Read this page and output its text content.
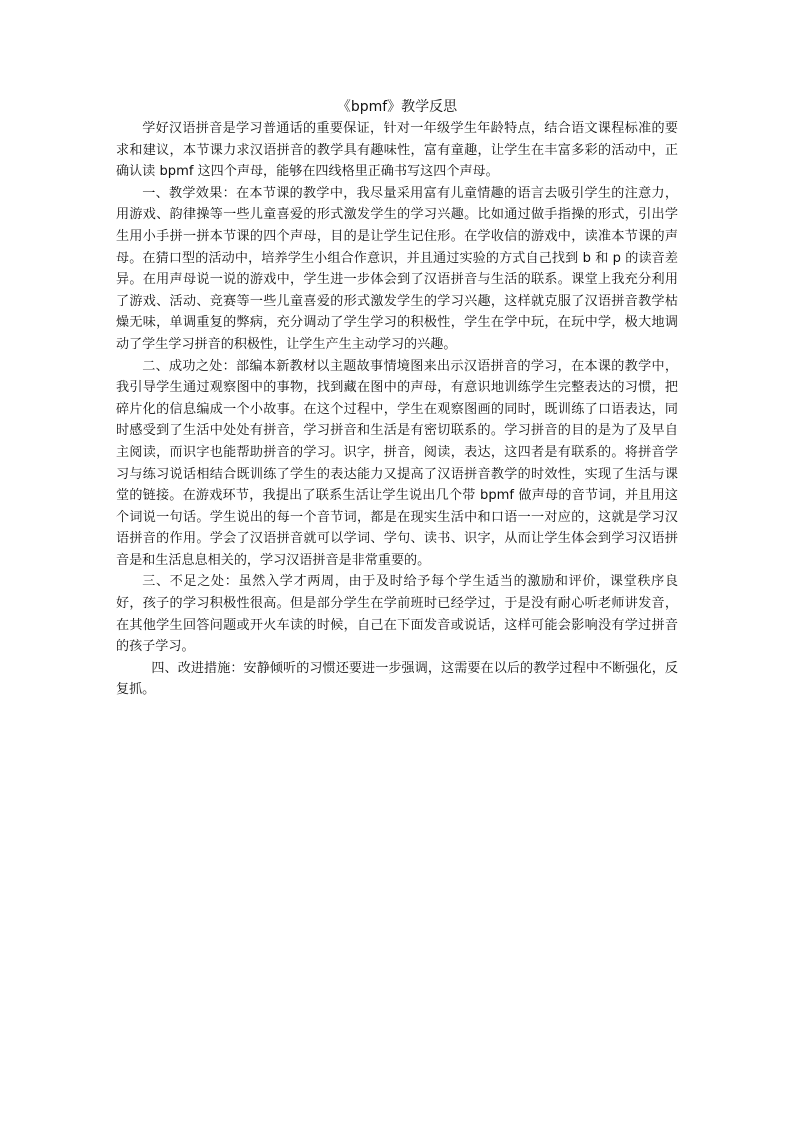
《bpmf》教学反思

学好汉语拼音是学习普通话的重要保证，针对一年级学生年龄特点，结合语文课程标准的要求和建议，本节课力求汉语拼音的教学具有趣味性，富有童趣，让学生在丰富多彩的活动中，正确认读 bpmf 这四个声母，能够在四线格里正确书写这四个声母。

一、教学效果：在本节课的教学中，我尽量采用富有儿童情趣的语言去吸引学生的注意力，用游戏、韵律操等一些儿童喜爱的形式激发学生的学习兴趣。比如通过做手指操的形式，引出学生用小手拼一拼本节课的四个声母，目的是让学生记住形。在学收信的游戏中，读准本节课的声母。在猜口型的活动中，培养学生小组合作意识，并且通过实验的方式自己找到 b 和 p 的读音差异。在用声母说一说的游戏中，学生进一步体会到了汉语拼音与生活的联系。课堂上我充分利用了游戏、活动、竞赛等一些儿童喜爱的形式激发学生的学习兴趣，这样就克服了汉语拼音教学枯燥无味，单调重复的弊病，充分调动了学生学习的积极性，学生在学中玩，在玩中学，极大地调动了学生学习拼音的积极性，让学生产生主动学习的兴趣。

二、成功之处：部编本新教材以主题故事情境图来出示汉语拼音的学习，在本课的教学中，我引导学生通过观察图中的事物，找到藏在图中的声母，有意识地训练学生完整表达的习惯，把碎片化的信息编成一个小故事。在这个过程中，学生在观察图画的同时，既训练了口语表达，同时感受到了生活中处处有拼音，学习拼音和生活是有密切联系的。学习拼音的目的是为了及早自主阅读，而识字也能帮助拼音的学习。识字，拼音，阅读，表达，这四者是有联系的。将拼音学习与练习说话相结合既训练了学生的表达能力又提高了汉语拼音教学的时效性，实现了生活与课堂的链接。在游戏环节，我提出了联系生活让学生说出几个带 bpmf 做声母的音节词，并且用这个词说一句话。学生说出的每一个音节词，都是在现实生活中和口语一一对应的，这就是学习汉语拼音的作用。学会了汉语拼音就可以学词、学句、读书、识字，从而让学生体会到学习汉语拼音是和生活息息相关的，学习汉语拼音是非常重要的。

三、不足之处：虽然入学才两周，由于及时给予每个学生适当的激励和评价，课堂秩序良好，孩子的学习积极性很高。但是部分学生在学前班时已经学过，于是没有耐心听老师讲发音，在其他学生回答问题或开火车读的时候，自己在下面发音或说话，这样可能会影响没有学过拼音的孩子学习。

四、改进措施：安静倾听的习惯还要进一步强调，这需要在以后的教学过程中不断强化，反复抓。
